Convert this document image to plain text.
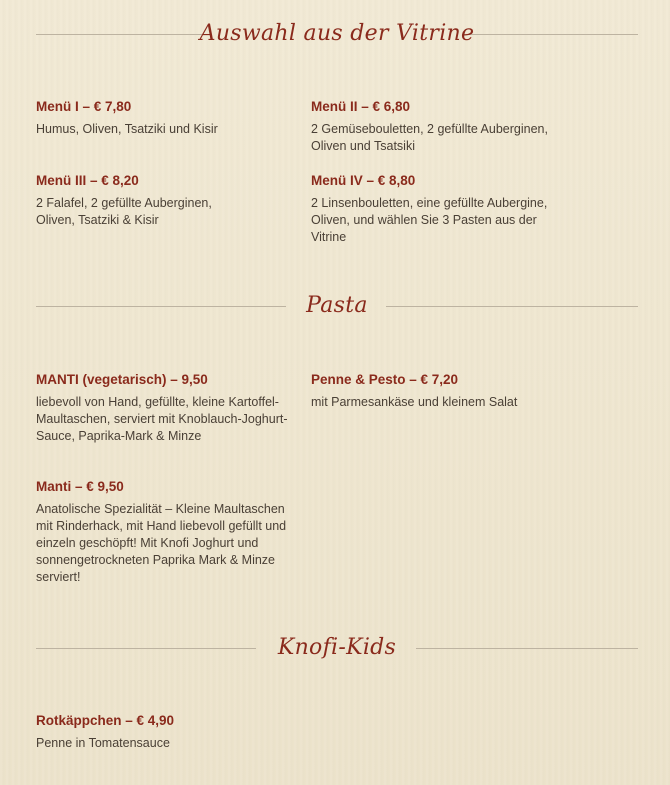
Auswahl aus der Vitrine
Menü I – € 7,80
Humus, Oliven, Tsatziki und Kisir
Menü II – € 6,80
2 Gemüsebouletten, 2 gefüllte Auberginen, Oliven und Tsatsiki
Menü III – € 8,20
2 Falafel, 2 gefüllte Auberginen, Oliven, Tsatziki & Kisir
Menü IV – € 8,80
2 Linsenbouletten, eine gefüllte Aubergine, Oliven, und wählen Sie 3 Pasten aus der Vitrine
Pasta
MANTI (vegetarisch) – 9,50
liebevoll von Hand, gefüllte, kleine Kartoffel-Maultaschen, serviert mit Knoblauch-Joghurt-Sauce, Paprika-Mark & Minze
Penne & Pesto – € 7,20
mit Parmesankäse und kleinem Salat
Manti – € 9,50
Anatolische Spezialität – Kleine Maultaschen mit Rinderhack, mit Hand liebevoll gefüllt und einzeln geschöpft! Mit Knofi Joghurt und sonnengetrockneten Paprika Mark & Minze serviert!
Knofi-Kids
Rotkäppchen – € 4,90
Penne in Tomatensauce
